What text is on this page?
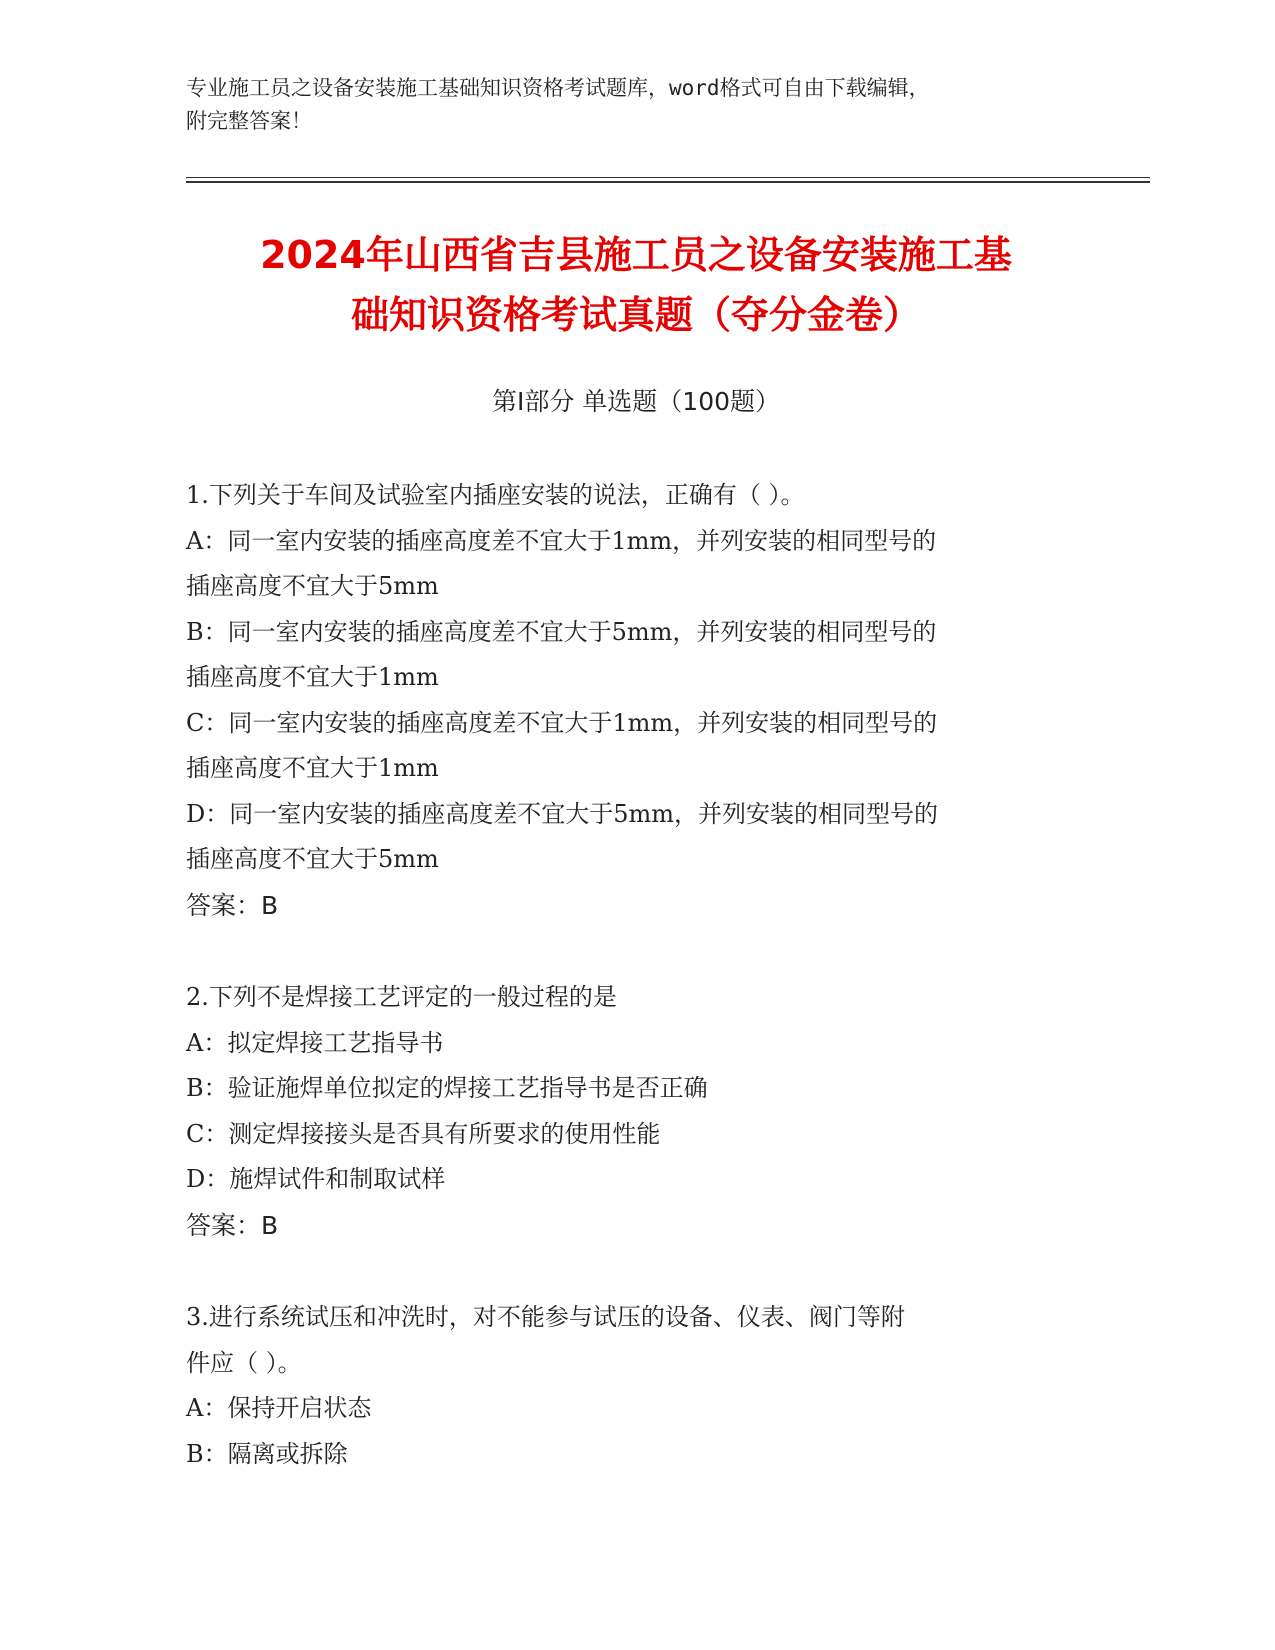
专业施工员之设备安装施工基础知识资格考试题库，word格式可自由下载编辑，
附完整答案！
2024年山西省吉县施工员之设备安装施工基
础知识资格考试真题（夺分金卷）
第Ⅰ部分 单选题（100题）
1.下列关于车间及试验室内插座安装的说法，正确有（ ）。
A：同一室内安装的插座高度差不宜大于1mm，并列安装的相同型号的
插座高度不宜大于5mm
B：同一室内安装的插座高度差不宜大于5mm，并列安装的相同型号的
插座高度不宜大于1mm
C：同一室内安装的插座高度差不宜大于1mm，并列安装的相同型号的
插座高度不宜大于1mm
D：同一室内安装的插座高度差不宜大于5mm，并列安装的相同型号的
插座高度不宜大于5mm
答案：B
2.下列不是焊接工艺评定的一般过程的是
A：拟定焊接工艺指导书
B：验证施焊单位拟定的焊接工艺指导书是否正确
C：测定焊接接头是否具有所要求的使用性能
D：施焊试件和制取试样
答案：B
3.进行系统试压和冲洗时，对不能参与试压的设备、仪表、阀门等附
件应（ ）。
A：保持开启状态
B：隔离或拆除
